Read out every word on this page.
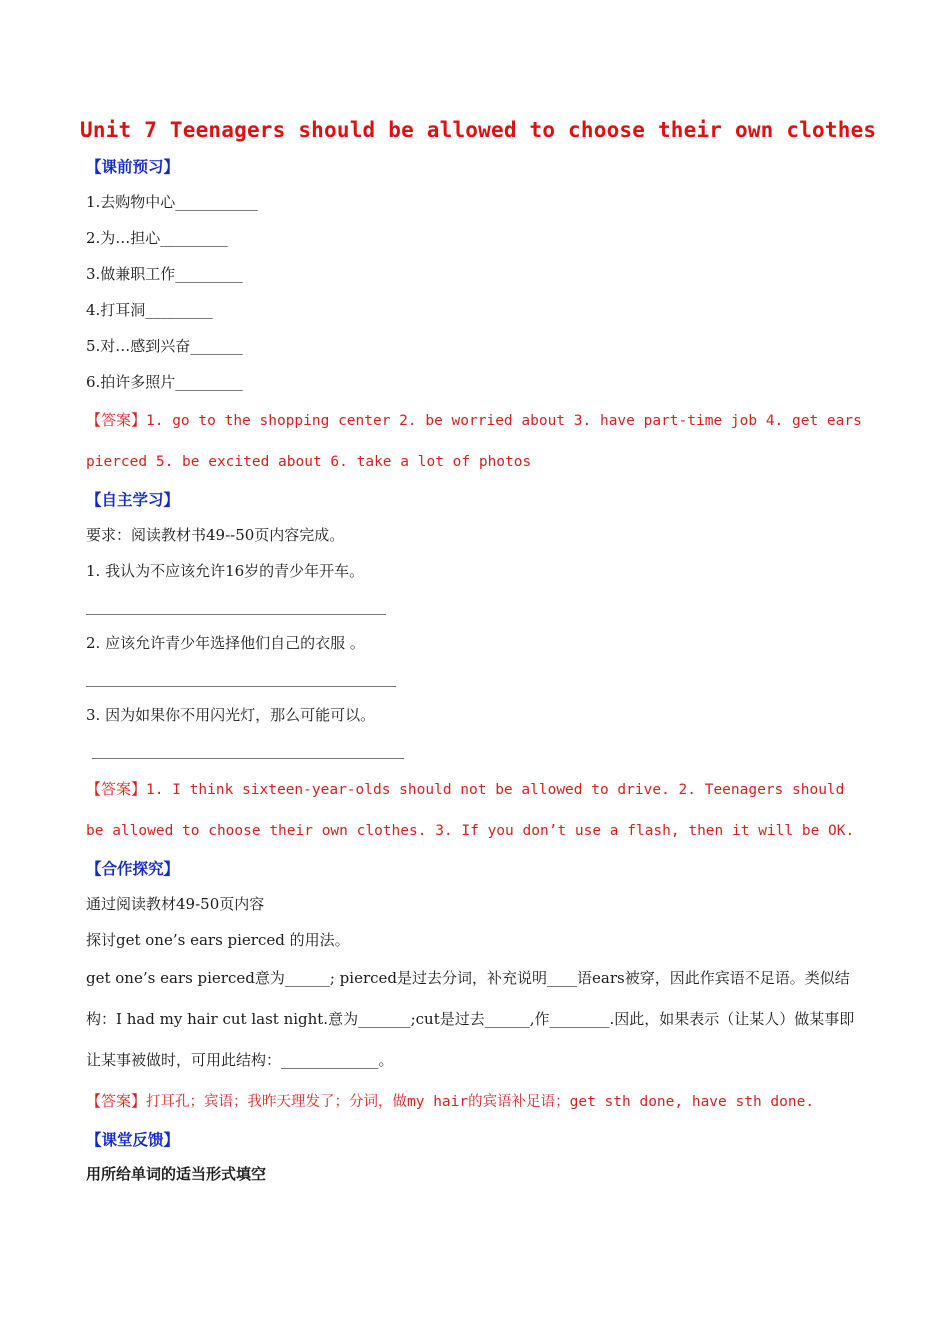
Unit 7 Teenagers should be allowed to choose their own clothes
【课前预习】
1.去购物中心___________
2.为…担心_________
3.做兼职工作_________
4.打耳洞_________
5.对…感到兴奋_______
6.拍许多照片_________
【答案】1. go to the shopping center 2. be worried about 3. have part-time job 4. get ears pierced 5. be excited about 6. take a lot of photos
【自主学习】
要求：阅读教材书49--50页内容完成。
1. 我认为不应该允许16岁的青少年开车。
2. 应该允许青少年选择他们自己的衣服 。
3. 因为如果你不用闪光灯，那么可能可以。
【答案】1. I think sixteen-year-olds should not be allowed to drive. 2. Teenagers should be allowed to choose their own clothes. 3. If you don’t use a flash, then it will be OK.
【合作探究】
通过阅读教材49-50页内容
探讨get one’s ears pierced 的用法。
get one’s ears pierced意为______; pierced是过去分词，补充说明____语ears被穿，因此作宾语不足语。类似结构：I had my hair cut last night.意为_______;cut是过去______,作________.因此，如果表示（让某人）做某事即让某事被做时，可用此结构：_____________。
【答案】打耳孔；宾语；我昨天理发了；分词，做my hair的宾语补足语；get sth done, have sth done.
【课堂反馈】
用所给单词的适当形式填空
